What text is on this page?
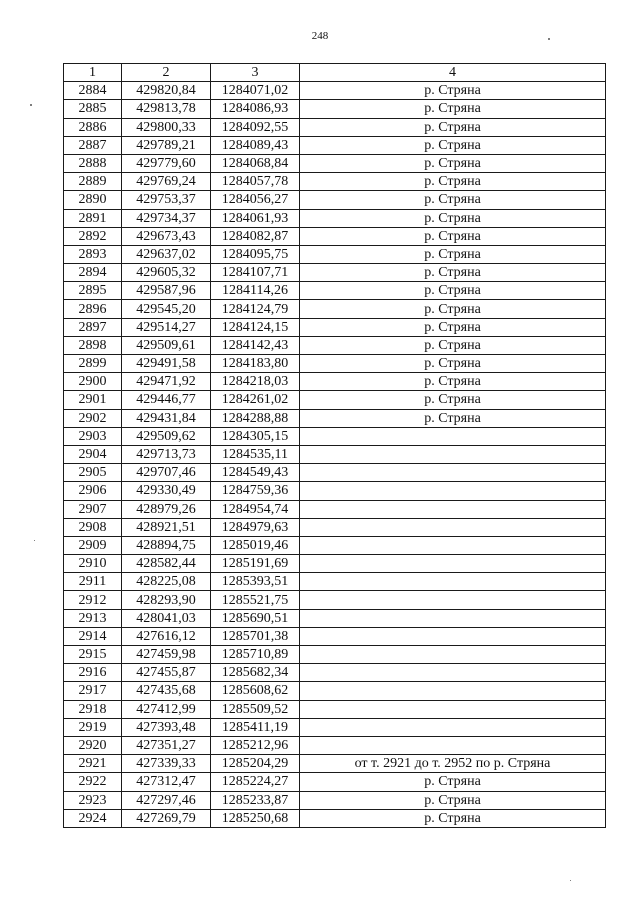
248
1	2	3	4
2884	429820,84	1284071,02	р. Стряна
2885	429813,78	1284086,93	р. Стряна
2886	429800,33	1284092,55	р. Стряна
2887	429789,21	1284089,43	р. Стряна
2888	429779,60	1284068,84	р. Стряна
2889	429769,24	1284057,78	р. Стряна
2890	429753,37	1284056,27	р. Стряна
2891	429734,37	1284061,93	р. Стряна
2892	429673,43	1284082,87	р. Стряна
2893	429637,02	1284095,75	р. Стряна
2894	429605,32	1284107,71	р. Стряна
2895	429587,96	1284114,26	р. Стряна
2896	429545,20	1284124,79	р. Стряна
2897	429514,27	1284124,15	р. Стряна
2898	429509,61	1284142,43	р. Стряна
2899	429491,58	1284183,80	р. Стряна
2900	429471,92	1284218,03	р. Стряна
2901	429446,77	1284261,02	р. Стряна
2902	429431,84	1284288,88	р. Стряна
2903	429509,62	1284305,15	
2904	429713,73	1284535,11	
2905	429707,46	1284549,43	
2906	429330,49	1284759,36	
2907	428979,26	1284954,74	
2908	428921,51	1284979,63	
2909	428894,75	1285019,46	
2910	428582,44	1285191,69	
2911	428225,08	1285393,51	
2912	428293,90	1285521,75	
2913	428041,03	1285690,51	
2914	427616,12	1285701,38	
2915	427459,98	1285710,89	
2916	427455,87	1285682,34	
2917	427435,68	1285608,62	
2918	427412,99	1285509,52	
2919	427393,48	1285411,19	
2920	427351,27	1285212,96	
2921	427339,33	1285204,29	от т. 2921 до т. 2952 по р. Стряна
2922	427312,47	1285224,27	р. Стряна
2923	427297,46	1285233,87	р. Стряна
2924	427269,79	1285250,68	р. Стряна
